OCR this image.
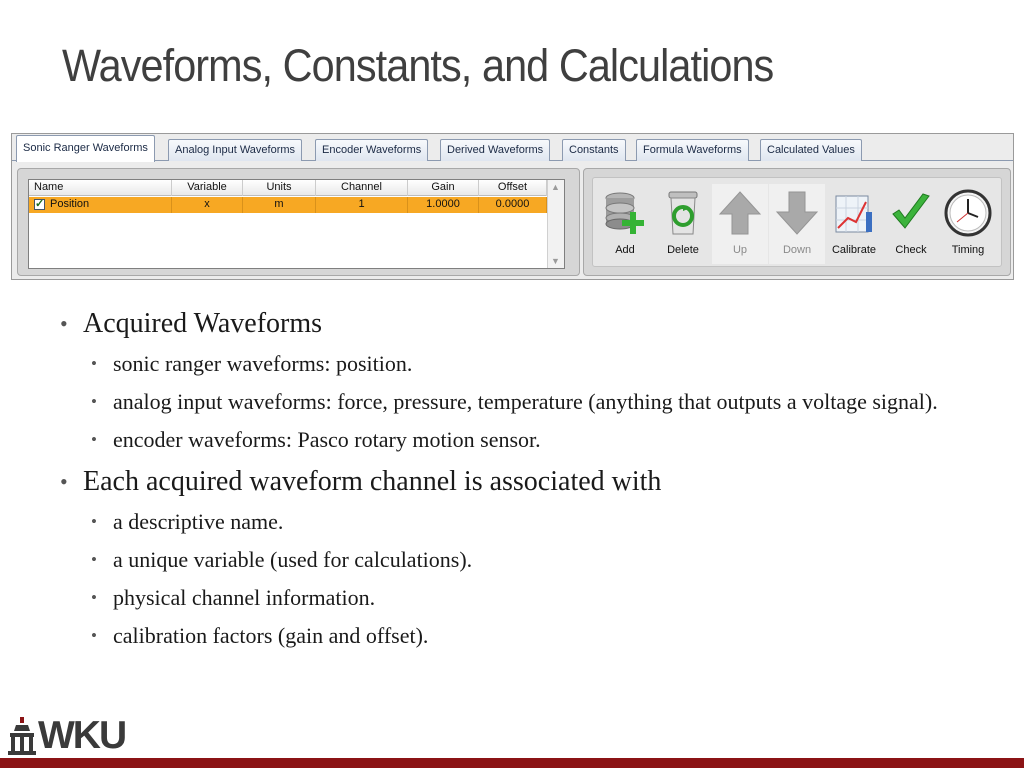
Waveforms, Constants, and Calculations
Sonic Ranger Waveforms	Analog Input Waveforms	Encoder Waveforms	Derived Waveforms	Constants	Formula Waveforms	Calculated Values
Name	Variable	Units	Channel	Gain	Offset
✓ Position	x	m	1	1.0000	0.0000
▲
▼
Add	Delete	Up	Down	Calibrate	Check	Timing
• Acquired Waveforms
• sonic ranger waveforms: position.
• analog input waveforms: force, pressure, temperature (anything that outputs a voltage signal).
• encoder waveforms: Pasco rotary motion sensor.
• Each acquired waveform channel is associated with
• a descriptive name.
• a unique variable (used for calculations).
• physical channel information.
• calibration factors (gain and offset).
WKU
